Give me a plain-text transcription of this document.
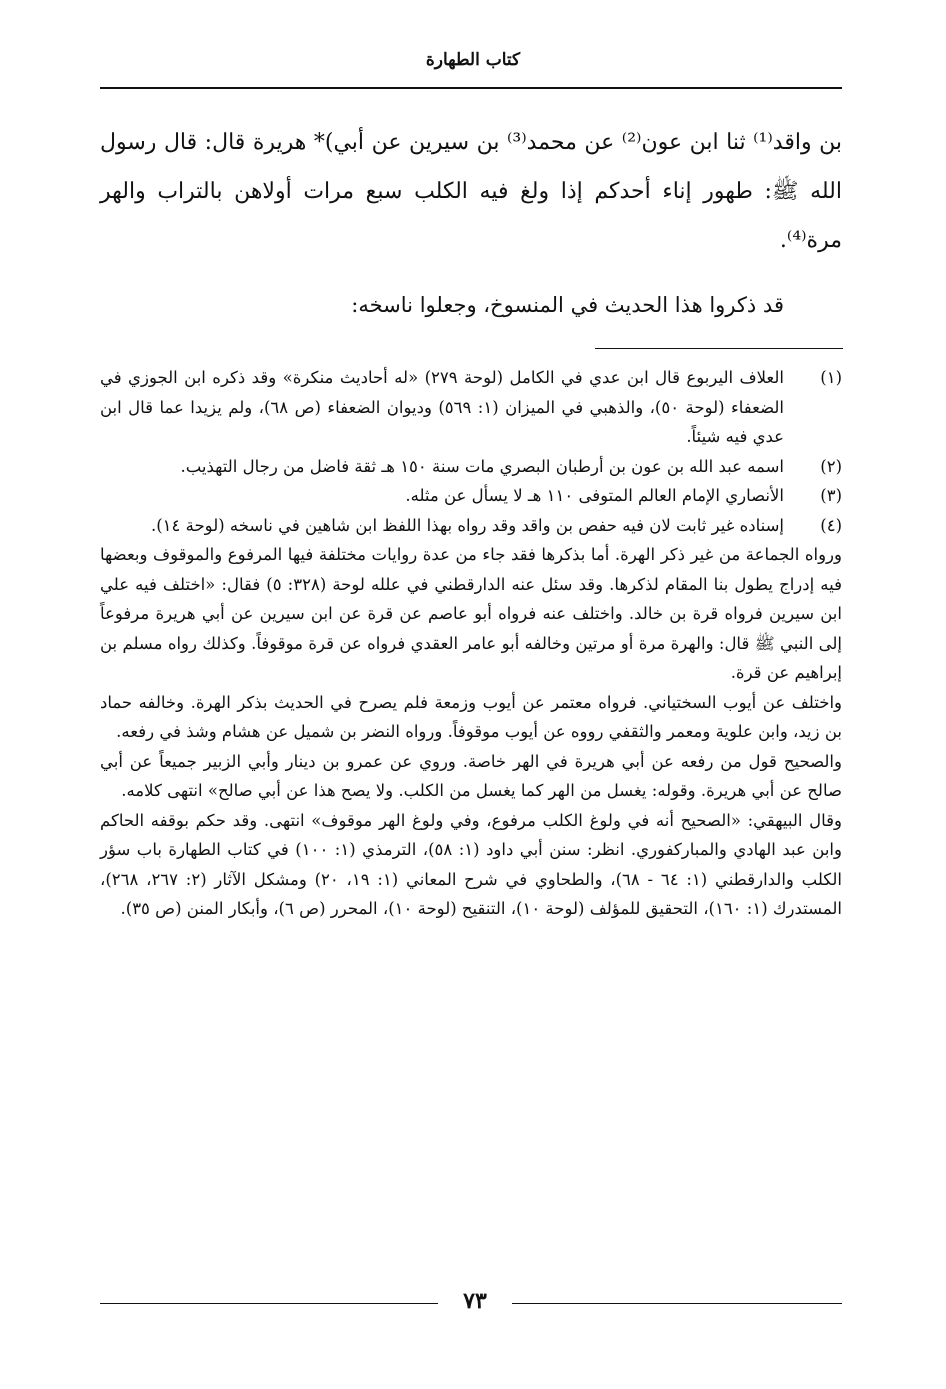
كتاب الطهارة

بن واقد⁽¹⁾ ثنا ابن عون⁽²⁾ عن محمد⁽³⁾ بن سيرين عن أبي)* هريرة قال: قال رسول الله ﷺ: طهور إناء أحدكم إذا ولغ فيه الكلب سبع مرات أولاهن بالتراب والهر مرة⁽⁴⁾.

قد ذكروا هذا الحديث في المنسوخ، وجعلوا ناسخه:
(١)
العلاف اليربوع قال ابن عدي في الكامل (لوحة ٢٧٩) «له أحاديث منكرة» وقد ذكره ابن الجوزي في الضعفاء (لوحة ٥٠)، والذهبي في الميزان (١: ٥٦٩) وديوان الضعفاء (ص ٦٨)، ولم يزيدا عما قال ابن عدي فيه شيئاً.
(٢)
اسمه عبد الله بن عون بن أرطبان البصري مات سنة ١٥٠ هـ ثقة فاضل من رجال التهذيب.
(٣)
الأنصاري الإمام العالم المتوفى ١١٠ هـ لا يسأل عن مثله.
(٤)
إسناده غير ثابت لان فيه حفص بن واقد وقد رواه بهذا اللفظ ابن شاهين في ناسخه (لوحة ١٤).

ورواه الجماعة من غير ذكر الهرة. أما بذكرها فقد جاء من عدة روايات مختلفة فيها المرفوع والموقوف وبعضها فيه إدراج يطول بنا المقام لذكرها. وقد سئل عنه الدارقطني في علله لوحة (٣٢٨: ٥) فقال: «اختلف فيه علي ابن سيرين فرواه قرة بن خالد. واختلف عنه فرواه أبو عاصم عن قرة عن ابن سيرين عن أبي هريرة مرفوعاً إلى النبي ﷺ قال: والهرة مرة أو مرتين وخالفه أبو عامر العقدي فرواه عن قرة موقوفاً. وكذلك رواه مسلم بن إبراهيم عن قرة.

واختلف عن أيوب السختياني. فرواه معتمر عن أيوب وزمعة فلم يصرح في الحديث بذكر الهرة. وخالفه حماد بن زيد، وابن علوية ومعمر والثقفي رووه عن أيوب موقوفاً. ورواه النضر بن شميل عن هشام وشذ في رفعه.

والصحيح قول من رفعه عن أبي هريرة في الهر خاصة. وروي عن عمرو بن دينار وأبي الزبير جميعاً عن أبي صالح عن أبي هريرة. وقوله: يغسل من الهر كما يغسل من الكلب. ولا يصح هذا عن أبي صالح» انتهى كلامه.

وقال البيهقي: «الصحيح أنه في ولوغ الكلب مرفوع، وفي ولوغ الهر موقوف» انتهى. وقد حكم بوقفه الحاكم وابن عبد الهادي والمباركفوري. انظر: سنن أبي داود (١: ٥٨)، الترمذي (١: ١٠٠) في كتاب الطهارة باب سؤر الكلب والدارقطني (١: ٦٤ - ٦٨)، والطحاوي في شرح المعاني (١: ١٩، ٢٠) ومشكل الآثار (٢: ٢٦٧، ٢٦٨)، المستدرك (١: ١٦٠)، التحقيق للمؤلف (لوحة ١٠)، التنقيح (لوحة ١٠)، المحرر (ص ٦)، وأبكار المنن (ص ٣٥).

٧٣
